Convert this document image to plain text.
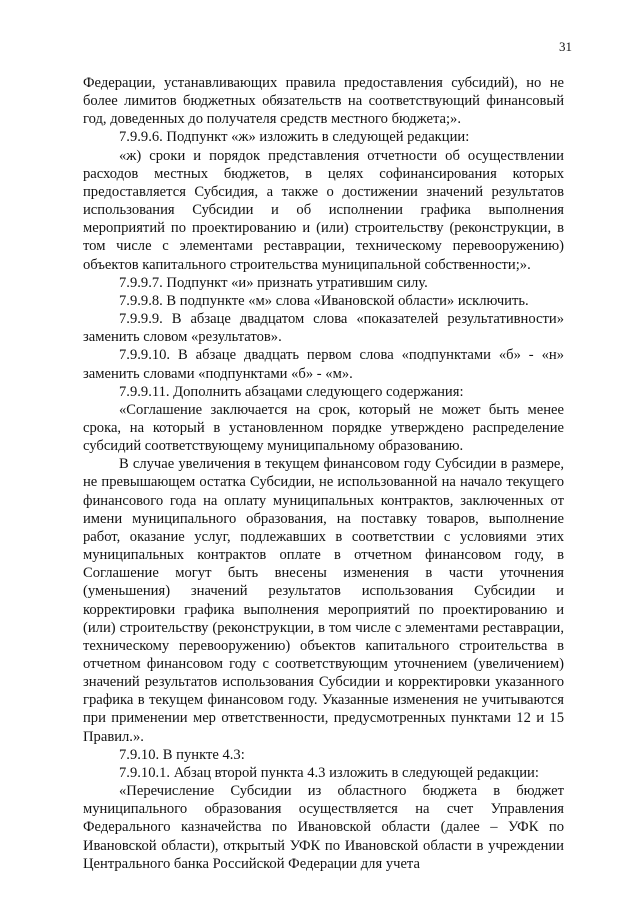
31

Федерации, устанавливающих правила предоставления субсидий), но не более лимитов бюджетных обязательств на соответствующий финансовый год, доведенных до получателя средств местного бюджета;».

7.9.9.6. Подпункт «ж» изложить в следующей редакции:

«ж) сроки и порядок представления отчетности об осуществлении расходов местных бюджетов, в целях софинансирования которых предоставляется Субсидия, а также о достижении значений результатов использования Субсидии и об исполнении графика выполнения мероприятий по проектированию и (или) строительству (реконструкции, в том числе с элементами реставрации, техническому перевооружению) объектов капитального строительства муниципальной собственности;».

7.9.9.7. Подпункт «и» признать утратившим силу.

7.9.9.8. В подпункте «м» слова «Ивановской области» исключить.

7.9.9.9. В абзаце двадцатом слова «показателей результативности» заменить словом «результатов».

7.9.9.10. В абзаце двадцать первом слова «подпунктами «б» - «н» заменить словами «подпунктами «б» - «м».

7.9.9.11. Дополнить абзацами следующего содержания:

«Соглашение заключается на срок, который не может быть менее срока, на который в установленном порядке утверждено распределение субсидий соответствующему муниципальному образованию.

В случае увеличения в текущем финансовом году Субсидии в размере, не превышающем остатка Субсидии, не использованной на начало текущего финансового года на оплату муниципальных контрактов, заключенных от имени муниципального образования, на поставку товаров, выполнение работ, оказание услуг, подлежавших в соответствии с условиями этих муниципальных контрактов оплате в отчетном финансовом году, в Соглашение могут быть внесены изменения в части уточнения (уменьшения) значений результатов использования Субсидии и корректировки графика выполнения мероприятий по проектированию и (или) строительству (реконструкции, в том числе с элементами реставрации, техническому перевооружению) объектов капитального строительства в отчетном финансовом году с соответствующим уточнением (увеличением) значений результатов использования Субсидии и корректировки указанного графика в текущем финансовом году. Указанные изменения не учитываются при применении мер ответственности, предусмотренных пунктами 12 и 15 Правил.».

7.9.10. В пункте 4.3:

7.9.10.1. Абзац второй пункта 4.3 изложить в следующей редакции:

«Перечисление Субсидии из областного бюджета в бюджет муниципального образования осуществляется на счет Управления Федерального казначейства по Ивановской области (далее – УФК по Ивановской области), открытый УФК по Ивановской области в учреждении Центрального банка Российской Федерации для учета
